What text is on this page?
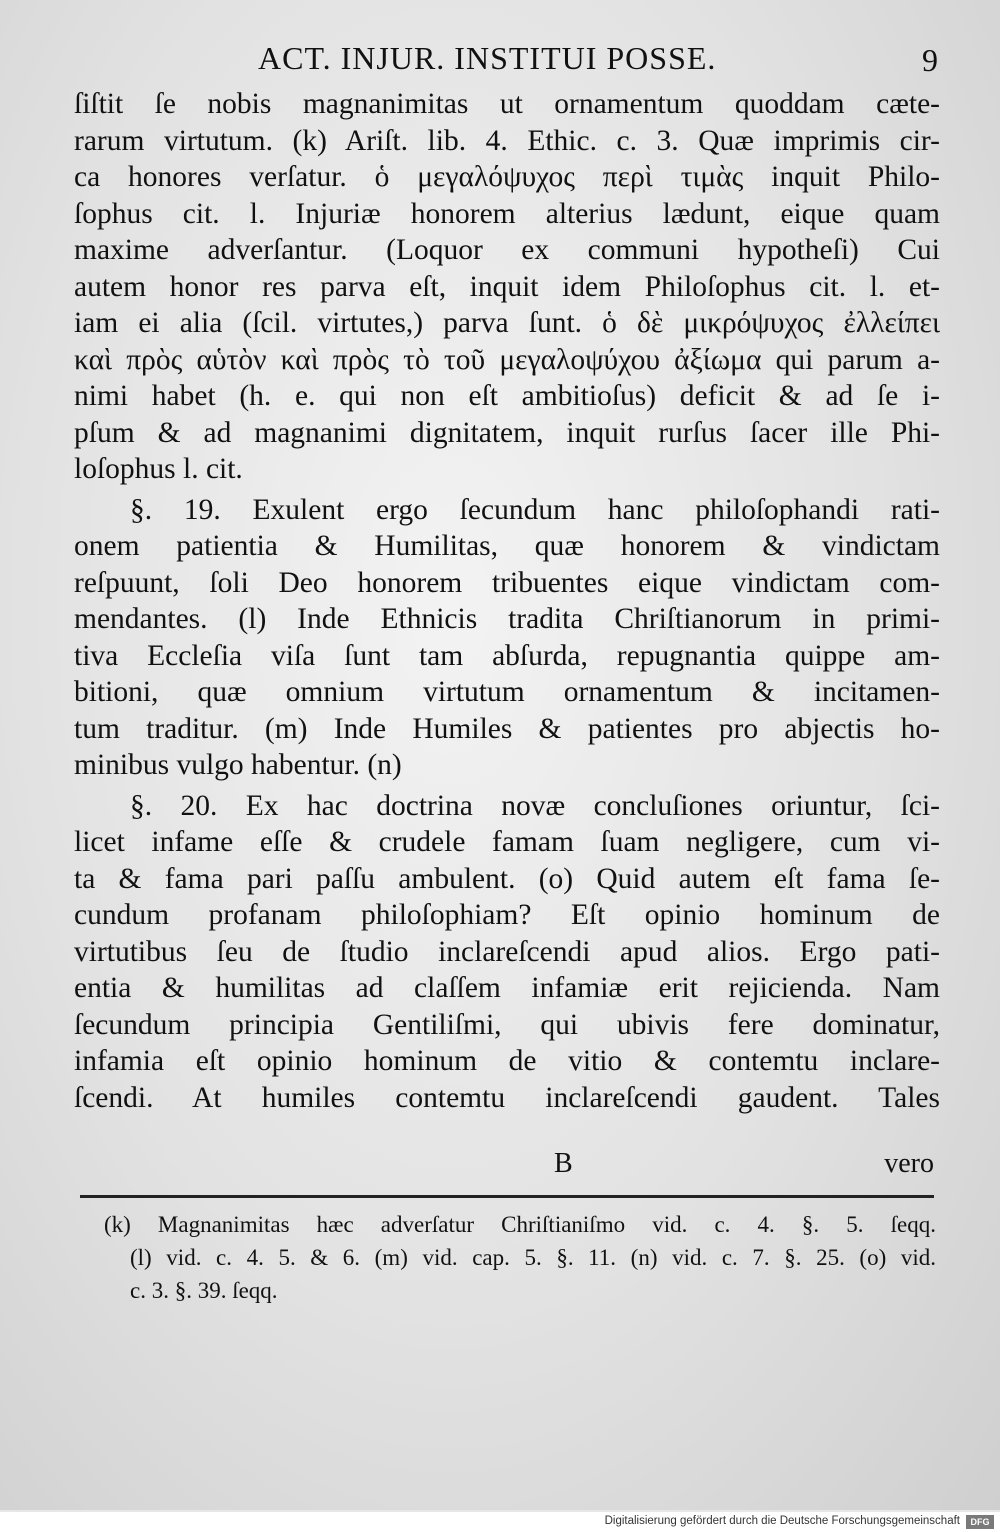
ACT. INJUR. INSTITUI POSSE.	9
ſiſtit ſe nobis magnanimitas ut ornamentum quoddam cæte-
rarum virtutum. (k) Ariſt. lib. 4. Ethic. c. 3. Quæ imprimis cir-
ca honores verſatur. ὁ μεγαλόψυχος περὶ τιμὰς inquit Philo-
ſophus cit. l. Injuriæ honorem alterius lædunt, eique quam
maxime adverſantur. (Loquor ex communi hypotheſi) Cui
autem honor res parva eſt, inquit idem Philoſophus cit. l. et-
iam ei alia (ſcil. virtutes,) parva ſunt. ὁ δὲ μικρόψυχος ἐλλείπει
καὶ πρὸς αὑτὸν καὶ πρὸς τὸ τοῦ μεγαλοψύχου ἀξίωμα qui parum a-
nimi habet (h. e. qui non eſt ambitioſus) deficit & ad ſe i-
pſum & ad magnanimi dignitatem, inquit rurſus ſacer ille Phi-
loſophus l. cit.
§. 19. Exulent ergo ſecundum hanc philoſophandi rati-
onem patientia & Humilitas, quæ honorem & vindictam
reſpuunt, ſoli Deo honorem tribuentes eique vindictam com-
mendantes. (l) Inde Ethnicis tradita Chriſtianorum in primi-
tiva Eccleſia viſa ſunt tam abſurda, repugnantia quippe am-
bitioni, quæ omnium virtutum ornamentum & incitamen-
tum traditur. (m) Inde Humiles & patientes pro abjectis ho-
minibus vulgo habentur. (n)
§. 20. Ex hac doctrina novæ concluſiones oriuntur, ſci-
licet infame eſſe & crudele famam ſuam negligere, cum vi-
ta & fama pari paſſu ambulent. (o) Quid autem eſt fama ſe-
cundum profanam philoſophiam? Eſt opinio hominum de
virtutibus ſeu de ſtudio inclareſcendi apud alios. Ergo pati-
entia & humilitas ad claſſem infamiæ erit rejicienda. Nam
ſecundum principia Gentiliſmi, qui ubivis fere dominatur,
infamia eſt opinio hominum de vitio & contemtu inclare-
ſcendi. At humiles contemtu inclareſcendi gaudent. Tales
B	vero
(k) Magnanimitas hæc adverſatur Chriſtianiſmo vid. c. 4. §. 5. ſeqq.
(l) vid. c. 4. 5. & 6. (m) vid. cap. 5. §. 11. (n) vid. c. 7. §. 25. (o) vid.
c. 3. §. 39. ſeqq.
Digitalisierung gefördert durch die Deutsche Forschungsgemeinschaft	DFG
